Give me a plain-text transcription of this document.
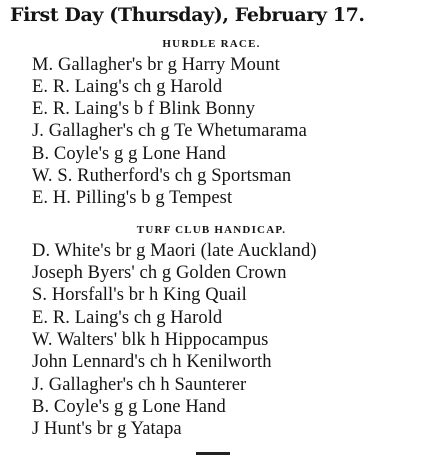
First Day (Thursday), February 17.
HURDLE RACE.
M. Gallagher's br g Harry Mount
E. R. Laing's ch g Harold
E. R. Laing's b f Blink Bonny
J. Gallagher's ch g Te Whetumarama
B. Coyle's g g Lone Hand
W. S. Rutherford's ch g Sportsman
E. H. Pilling's b g Tempest
TURF CLUB HANDICAP.
D. White's br g Maori (late Auckland)
Joseph Byers' ch g Golden Crown
S. Horsfall's br h King Quail
E. R. Laing's ch g Harold
W. Walters' blk h Hippocampus
John Lennard's ch h Kenilworth
J. Gallagher's ch h Saunterer
B. Coyle's g g Lone Hand
J Hunt's br g Yatapa
